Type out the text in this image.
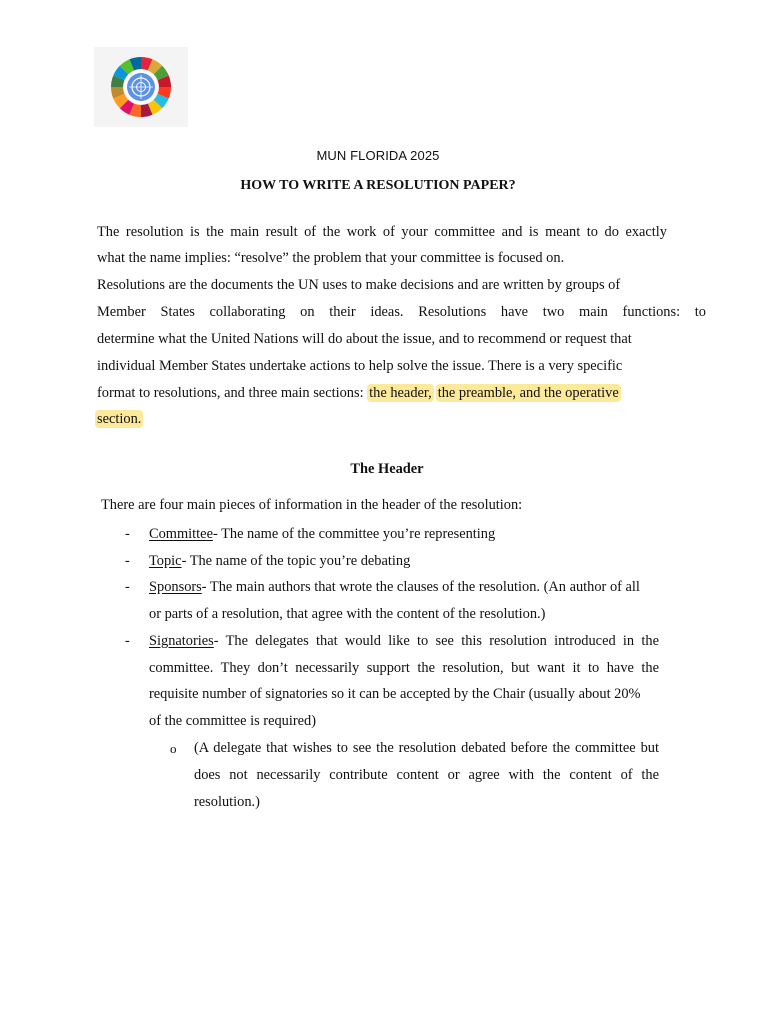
MUN FLORIDA 2025
HOW TO WRITE A RESOLUTION PAPER?
The resolution is the main result of the work of your committee and is meant to do exactly
what the name implies: “resolve” the problem that your committee is focused on.
Resolutions are the documents the UN uses to make decisions and are written by groups of
Member States collaborating on their ideas. Resolutions have two main functions: to
determine what the United Nations will do about the issue, and to recommend or request that
individual Member States undertake actions to help solve the issue. There is a very specific
format to resolutions, and three main sections: the header, the preamble, and the operative
section.
The Header
There are four main pieces of information in the header of the resolution:
- Committee- The name of the committee you’re representing
- Topic- The name of the topic you’re debating
- Sponsors- The main authors that wrote the clauses of the resolution. (An author of all
or parts of a resolution, that agree with the content of the resolution.)
- Signatories- The delegates that would like to see this resolution introduced in the
committee. They don’t necessarily support the resolution, but want it to have the
requisite number of signatories so it can be accepted by the Chair (usually about 20%
of the committee is required)
o (A delegate that wishes to see the resolution debated before the committee but
does not necessarily contribute content or agree with the content of the
resolution.)
